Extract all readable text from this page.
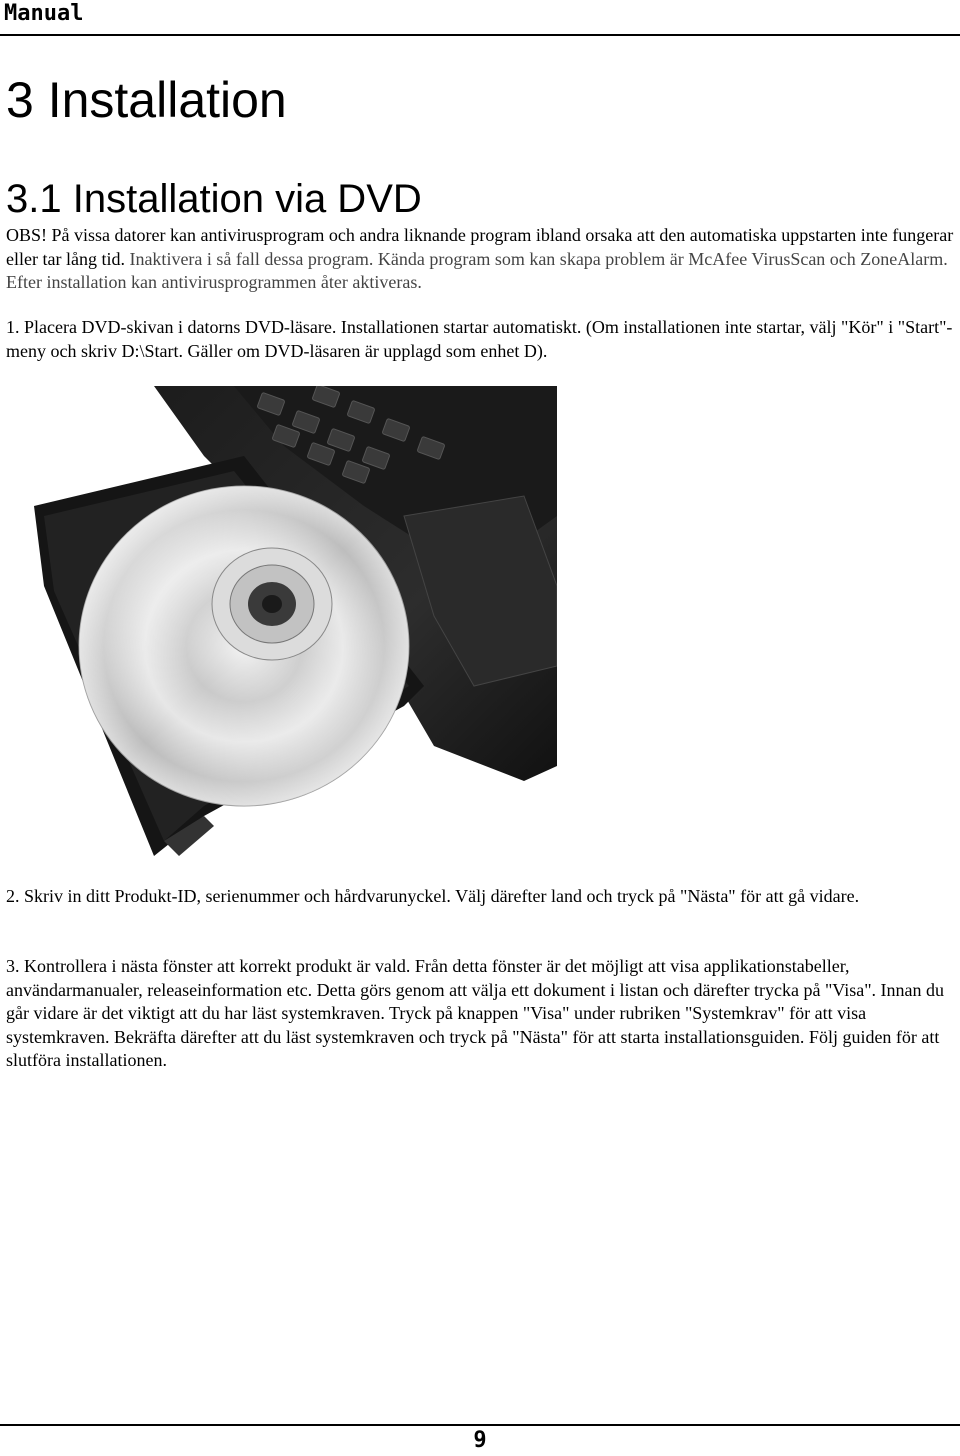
Manual
3 Installation
3.1 Installation via DVD
OBS! På vissa datorer kan antivirusprogram och andra liknande program ibland orsaka att den automatiska uppstarten inte fungerar eller tar lång tid. Inaktivera i så fall dessa program. Kända program som kan skapa problem är McAfee VirusScan och ZoneAlarm. Efter installation kan antivirusprogrammen åter aktiveras.
1. Placera DVD-skivan i datorns DVD-läsare. Installationen startar automatiskt. (Om installationen inte startar, välj "Kör" i "Start"-meny och skriv D:\Start. Gäller om DVD-läsaren är upplagd som enhet D).
2. Skriv in ditt Produkt-ID, serienummer och hårdvarunyckel. Välj därefter land och tryck på "Nästa" för att gå vidare.
3. Kontrollera i nästa fönster att korrekt produkt är vald. Från detta fönster är det möjligt att visa applikationstabeller, användarmanualer, releaseinformation etc. Detta görs genom att välja ett dokument i listan och därefter trycka på "Visa". Innan du går vidare är det viktigt att du har läst systemkraven. Tryck på knappen "Visa" under rubriken "Systemkrav" för att visa systemkraven. Bekräfta därefter att du läst systemkraven och tryck på "Nästa" för att starta installationsguiden. Följ guiden för att slutföra installationen.
9
